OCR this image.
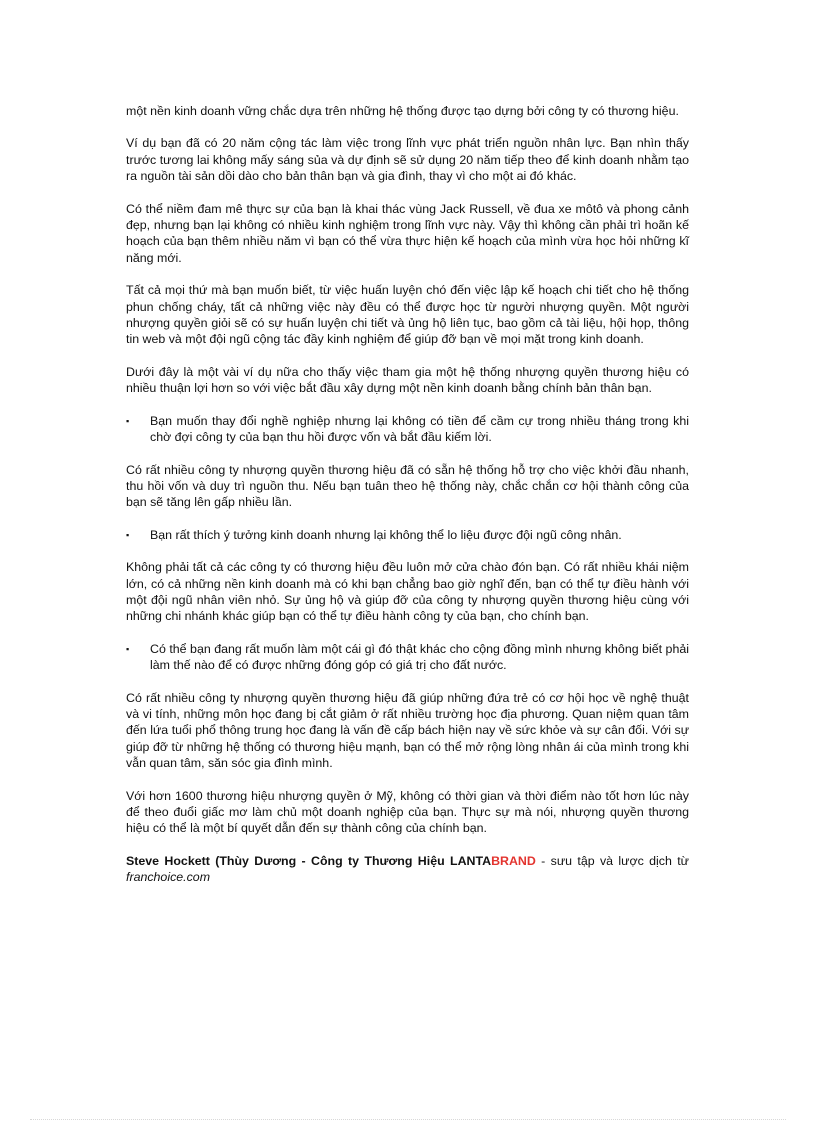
một nền kinh doanh vững chắc dựa trên những hệ thống được tạo dựng bởi công ty có thương hiệu.

Ví dụ bạn đã có 20 năm cộng tác làm việc trong lĩnh vực phát triển nguồn nhân lực. Bạn nhìn thấy trước tương lai không mấy sáng sủa và dự định sẽ sử dụng 20 năm tiếp theo để kinh doanh nhằm tạo ra nguồn tài sản dồi dào cho bản thân bạn và gia đình, thay vì cho một ai đó khác.

Có thể niềm đam mê thực sự của bạn là khai thác vùng Jack Russell, về đua xe môtô và phong cảnh đẹp, nhưng bạn lại không có nhiều kinh nghiệm trong lĩnh vực này. Vậy thì không cần phải trì hoãn kế hoạch của bạn thêm nhiều năm vì bạn có thể vừa thực hiện kế hoạch của mình vừa học hỏi những kĩ năng mới.

Tất cả mọi thứ mà bạn muốn biết, từ việc huấn luyện chó đến việc lập kế hoạch chi tiết cho hệ thống phun chống cháy, tất cả những việc này đều có thể được học từ người nhượng quyền. Một người nhượng quyền giỏi sẽ có sự huấn luyện chi tiết và ủng hộ liên tục, bao gồm cả tài liệu, hội họp, thông tin web và một đội ngũ cộng tác đầy kinh nghiệm để giúp đỡ bạn về mọi mặt trong kinh doanh.

Dưới đây là một vài ví dụ nữa cho thấy việc tham gia một hệ thống nhượng quyền thương hiệu có nhiều thuận lợi hơn so với việc bắt đầu xây dựng một nền kinh doanh bằng chính bản thân bạn.

▪	Bạn muốn thay đổi nghề nghiệp nhưng lại không có tiền để cầm cự trong nhiều tháng trong khi chờ đợi công ty của bạn thu hồi được vốn và bắt đầu kiếm lời.

Có rất nhiều công ty nhượng quyền thương hiệu đã có sẵn hệ thống hỗ trợ cho việc khởi đầu nhanh, thu hồi vốn và duy trì nguồn thu. Nếu bạn tuân theo hệ thống này, chắc chắn cơ hội thành công của bạn sẽ tăng lên gấp nhiều lần.

▪	Bạn rất thích ý tưởng kinh doanh nhưng lại không thể lo liệu được đội ngũ công nhân.

Không phải tất cả các công ty có thương hiệu đều luôn mở cửa chào đón bạn. Có rất nhiều khái niệm lớn, có cả những nền kinh doanh mà có khi bạn chẳng bao giờ nghĩ đến, bạn có thể tự điều hành với một đội ngũ nhân viên nhỏ. Sự ủng hộ và giúp đỡ của công ty nhượng quyền thương hiệu cùng với những chi nhánh khác giúp bạn có thể tự điều hành công ty của bạn, cho chính bạn.

▪	Có thể bạn đang rất muốn làm một cái gì đó thật khác cho cộng đồng mình nhưng không biết phải làm thế nào để có được những đóng góp có giá trị cho đất nước.

Có rất nhiều công ty nhượng quyền thương hiệu đã giúp những đứa trẻ có cơ hội học về nghệ thuật và vi tính, những môn học đang bị cắt giảm ở rất nhiều trường học địa phương. Quan niệm quan tâm đến lứa tuổi phổ thông trung học đang là vấn đề cấp bách hiện nay về sức khỏe và sự cân đối. Với sự giúp đỡ từ những hệ thống có thương hiệu mạnh, bạn có thể mở rộng lòng nhân ái của mình trong khi vẫn quan tâm, săn sóc gia đình mình.

Với hơn 1600 thương hiệu nhượng quyền ở Mỹ, không có thời gian và thời điểm nào tốt hơn lúc này để theo đuổi giấc mơ làm chủ một doanh nghiệp của bạn. Thực sự mà nói, nhượng quyền thương hiệu có thể là một bí quyết dẫn đến sự thành công của chính bạn.

Steve Hockett (Thùy Dương - Công ty Thương Hiệu LANTABRAND - sưu tập và lược dịch từ franchoice.com
